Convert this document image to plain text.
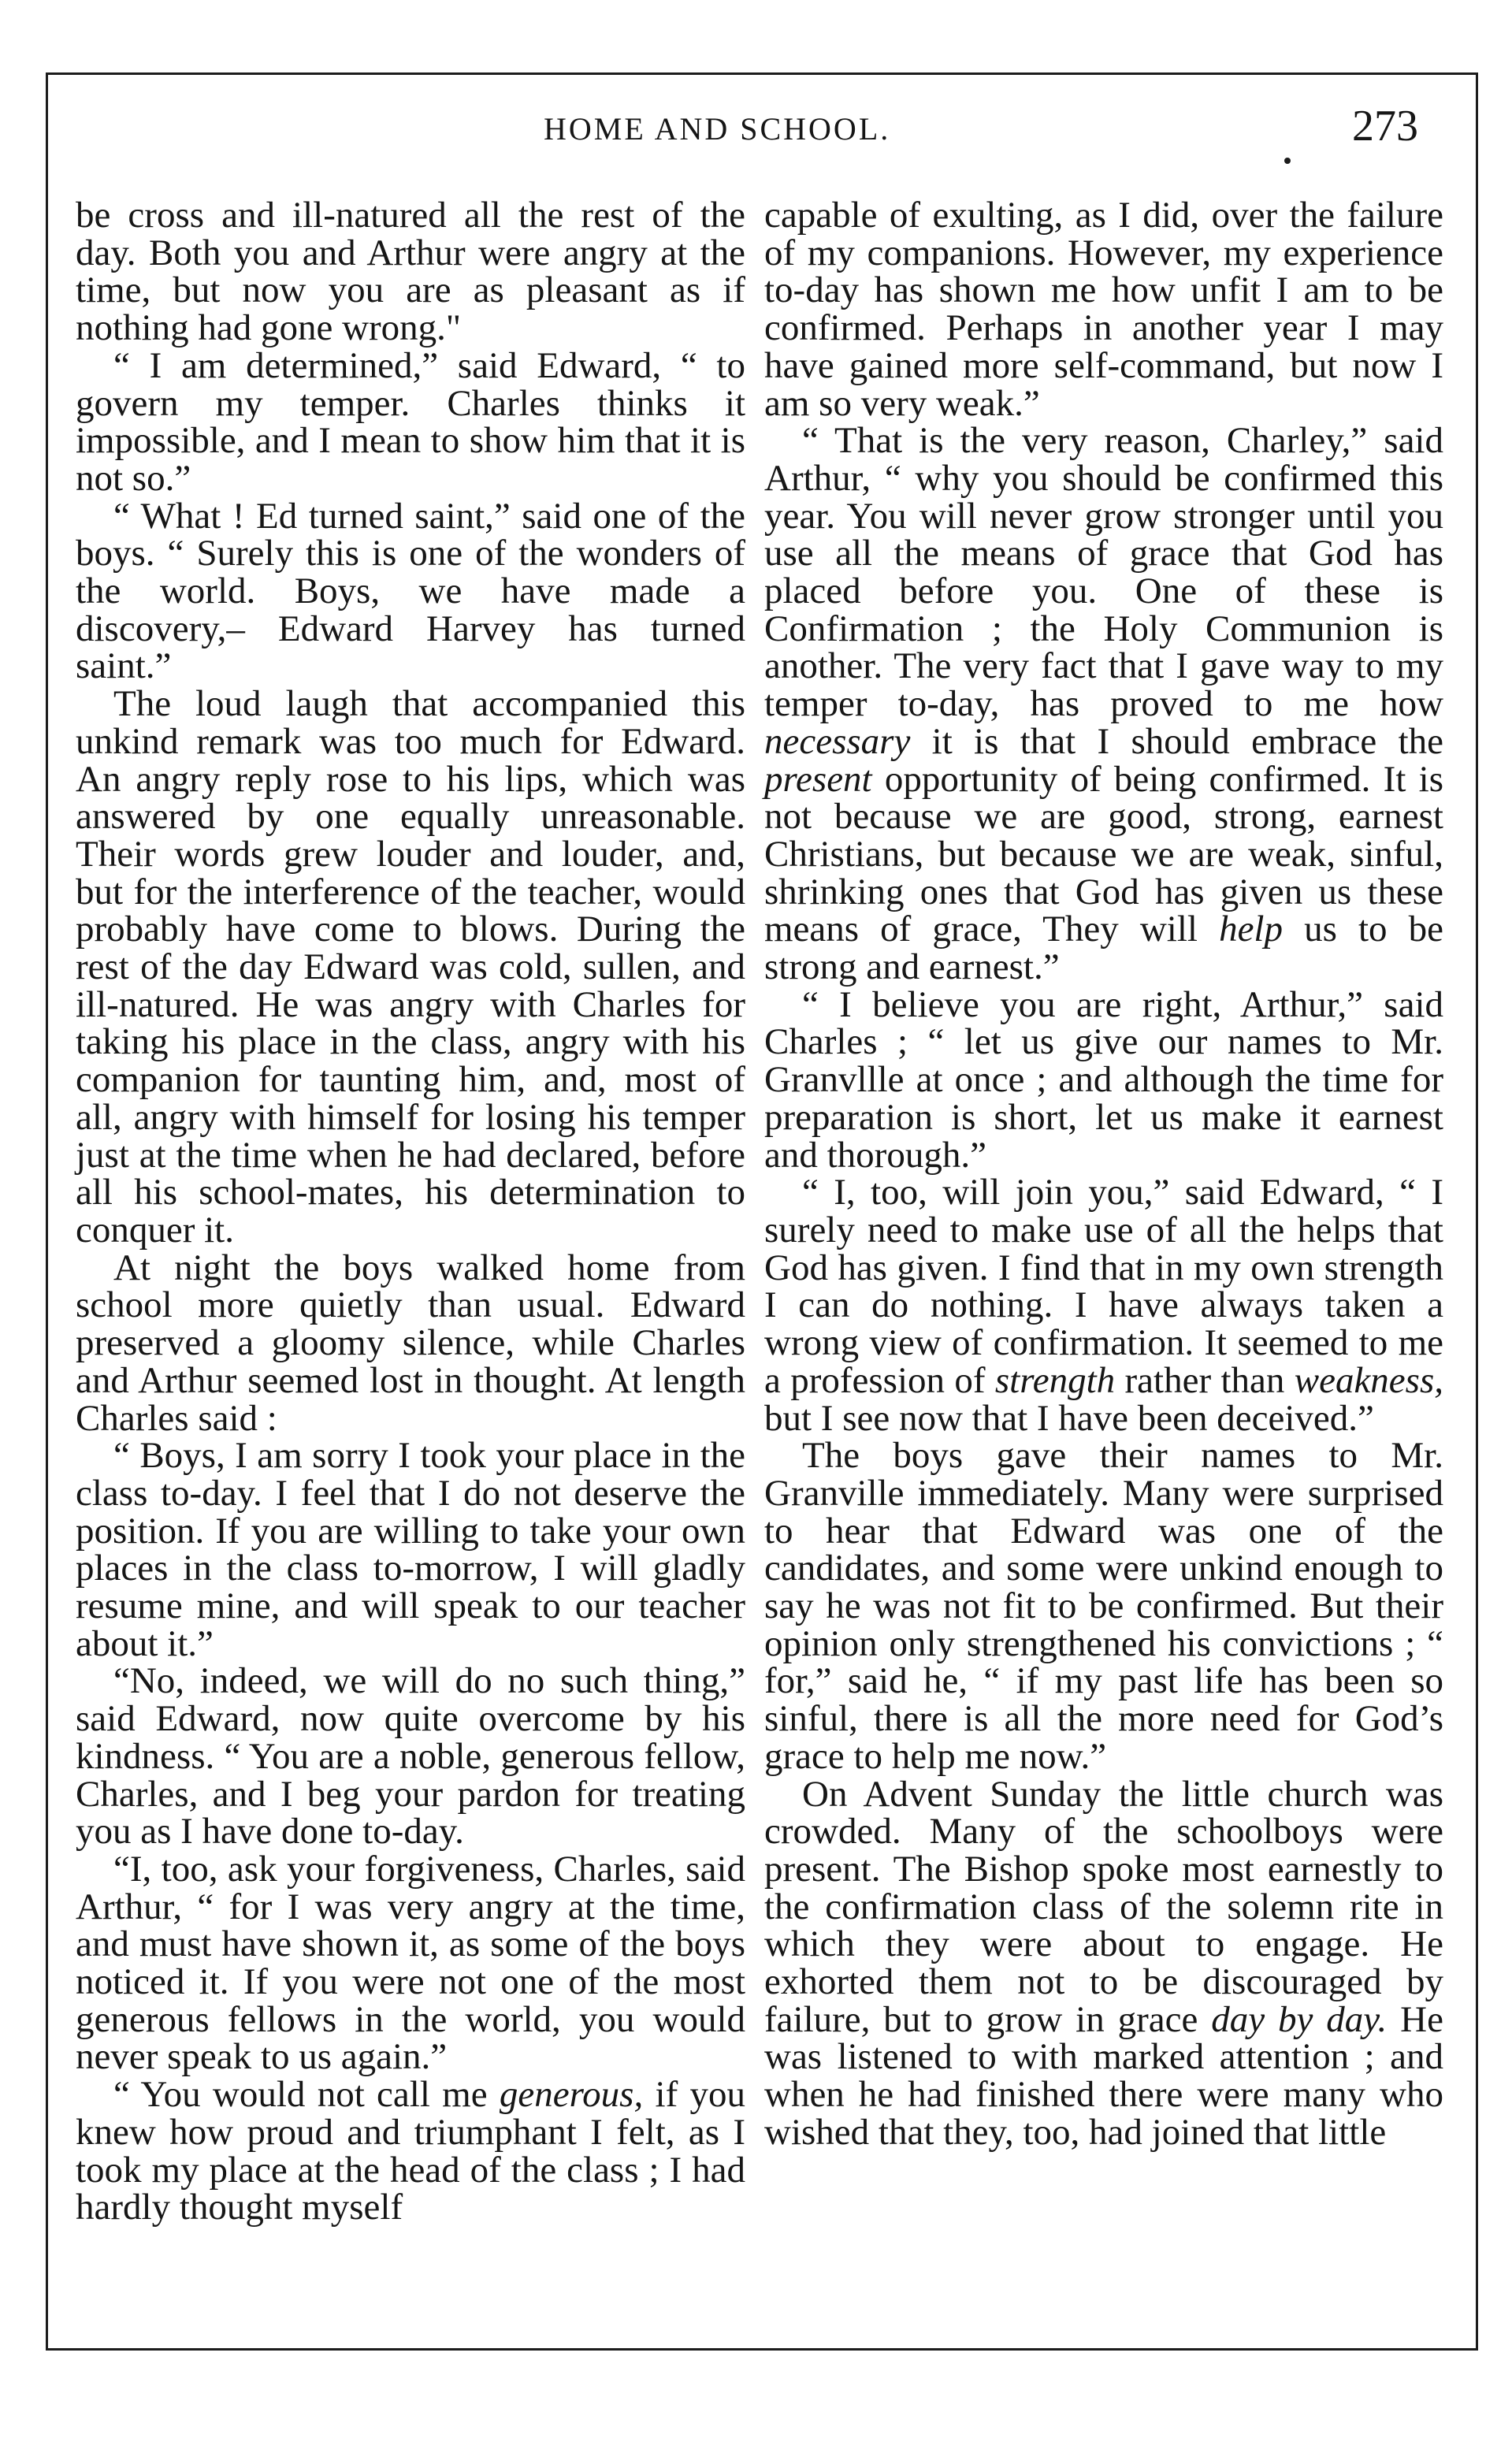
HOME AND SCHOOL.	273

be cross and ill-natured all the rest of the day. Both you and Arthur were angry at the time, but now you are as pleasant as if nothing had gone wrong."

“ I am determined,” said Edward, “ to govern my temper. Charles thinks it impossible, and I mean to show him that it is not so.”

“ What ! Ed turned saint,” said one of the boys. “ Surely this is one of the wonders of the world. Boys, we have made a discovery,– Edward Harvey has turned saint.”

The loud laugh that accompanied this unkind remark was too much for Edward. An angry reply rose to his lips, which was answered by one equally unreasonable. Their words grew louder and louder, and, but for the interference of the teacher, would probably have come to blows. During the rest of the day Edward was cold, sullen, and ill-natured. He was angry with Charles for taking his place in the class, angry with his companion for taunting him, and, most of all, angry with himself for losing his temper just at the time when he had declared, before all his school-mates, his determination to conquer it.

At night the boys walked home from school more quietly than usual. Edward preserved a gloomy silence, while Charles and Arthur seemed lost in thought. At length Charles said :

“ Boys, I am sorry I took your place in the class to-day. I feel that I do not deserve the position. If you are willing to take your own places in the class to-morrow, I will gladly resume mine, and will speak to our teacher about it.”

“No, indeed, we will do no such thing,” said Edward, now quite overcome by his kindness. “ You are a noble, generous fellow, Charles, and I beg your pardon for treating you as I have done to-day.

“I, too, ask your forgiveness, Charles, said Arthur, “ for I was very angry at the time, and must have shown it, as some of the boys noticed it. If you were not one of the most generous fellows in the world, you would never speak to us again.”

“ You would not call me generous, if you knew how proud and triumphant I felt, as I took my place at the head of the class ; I had hardly thought myself

capable of exulting, as I did, over the failure of my companions. However, my experience to-day has shown me how unfit I am to be confirmed. Perhaps in another year I may have gained more self-command, but now I am so very weak.”

“ That is the very reason, Charley,” said Arthur, “ why you should be confirmed this year. You will never grow stronger until you use all the means of grace that God has placed before you. One of these is Confirmation ; the Holy Communion is another. The very fact that I gave way to my temper to-day, has proved to me how necessary it is that I should embrace the present opportunity of being confirmed. It is not because we are good, strong, earnest Christians, but because we are weak, sinful, shrinking ones that God has given us these means of grace, They will help us to be strong and earnest.”

“ I believe you are right, Arthur,” said Charles ; “ let us give our names to Mr. Granvllle at once ; and although the time for preparation is short, let us make it earnest and thorough.”

“ I, too, will join you,” said Edward, “ I surely need to make use of all the helps that God has given. I find that in my own strength I can do nothing. I have always taken a wrong view of confirmation. It seemed to me a profession of strength rather than weakness, but I see now that I have been deceived.”

The boys gave their names to Mr. Granville immediately. Many were surprised to hear that Edward was one of the candidates, and some were unkind enough to say he was not fit to be confirmed. But their opinion only strengthened his convictions ; “ for,” said he, “ if my past life has been so sinful, there is all the more need for God’s grace to help me now.”

On Advent Sunday the little church was crowded. Many of the schoolboys were present. The Bishop spoke most earnestly to the confirmation class of the solemn rite in which they were about to engage. He exhorted them not to be discouraged by failure, but to grow in grace day by day. He was listened to with marked attention ; and when he had finished there were many who wished that they, too, had joined that little
